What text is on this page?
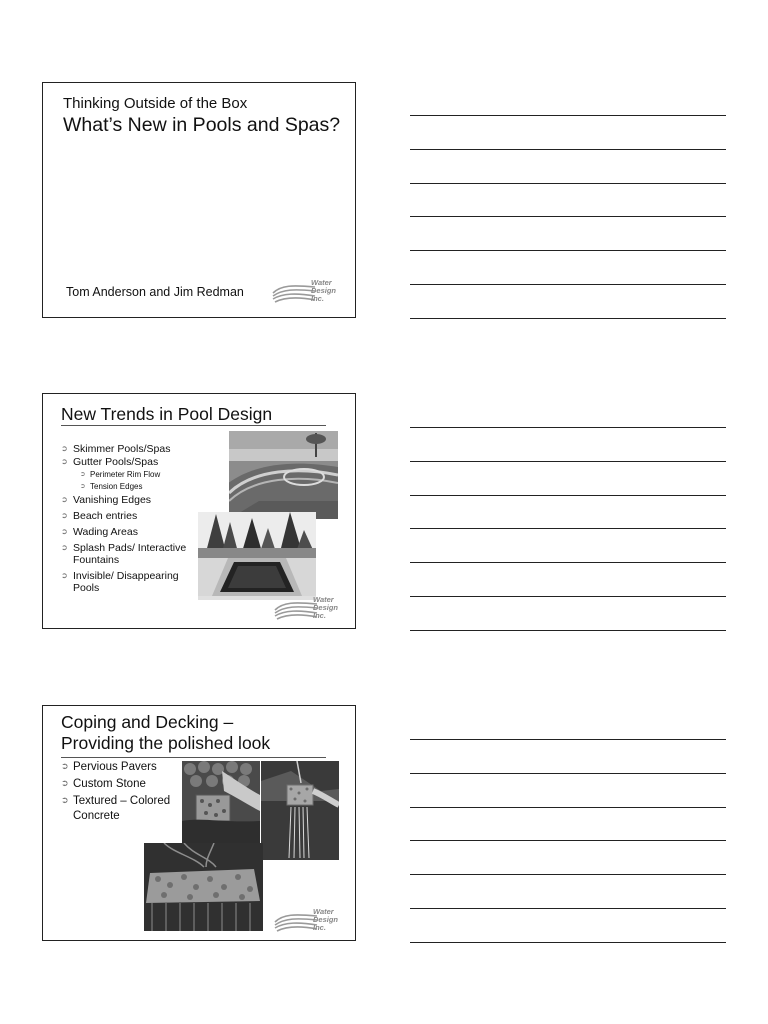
Thinking Outside of the Box
What’s New in Pools and Spas?
Tom Anderson and Jim Redman
Water
Design
Inc.
New Trends in Pool Design
➲ Skimmer Pools/Spas
➲ Gutter Pools/Spas
➲ Perimeter Rim Flow
➲ Tension Edges
➲ Vanishing Edges
➲ Beach entries
➲ Wading Areas
➲ Splash Pads/ Interactive Fountains
➲ Invisible/ Disappearing Pools
Water
Design
Inc.
Coping and Decking –
Providing the polished look
➲ Pervious Pavers
➲ Custom Stone
➲ Textured – Colored Concrete
Water
Design
Inc.
